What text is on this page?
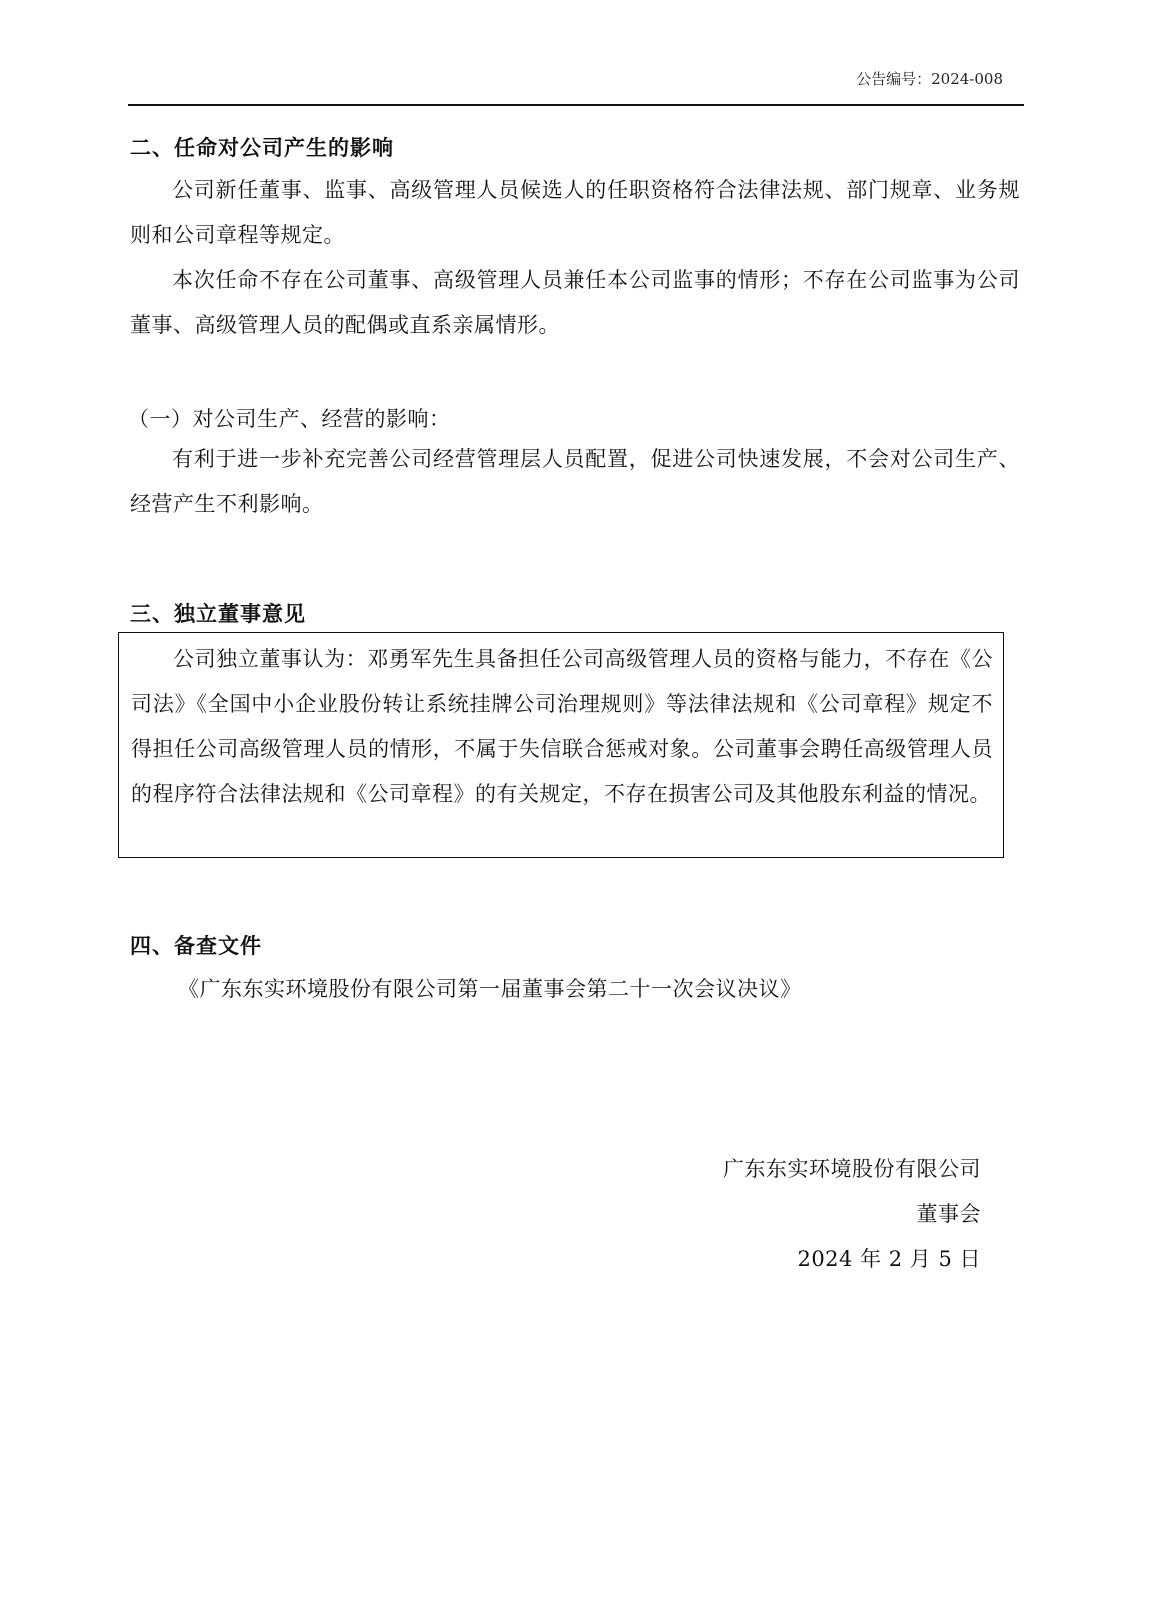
公告编号：2024-008
二、任命对公司产生的影响
公司新任董事、监事、高级管理人员候选人的任职资格符合法律法规、部门规章、业务规则和公司章程等规定。
本次任命不存在公司董事、高级管理人员兼任本公司监事的情形；不存在公司监事为公司董事、高级管理人员的配偶或直系亲属情形。
（一）对公司生产、经营的影响：
有利于进一步补充完善公司经营管理层人员配置，促进公司快速发展，不会对公司生产、经营产生不利影响。
三、独立董事意见
公司独立董事认为：邓勇军先生具备担任公司高级管理人员的资格与能力，不存在《公司法》《全国中小企业股份转让系统挂牌公司治理规则》等法律法规和《公司章程》规定不得担任公司高级管理人员的情形，不属于失信联合惩戒对象。公司董事会聘任高级管理人员的程序符合法律法规和《公司章程》的有关规定，不存在损害公司及其他股东利益的情况。
四、备查文件
《广东东实环境股份有限公司第一届董事会第二十一次会议决议》
广东东实环境股份有限公司
董事会
2024 年 2 月 5 日
